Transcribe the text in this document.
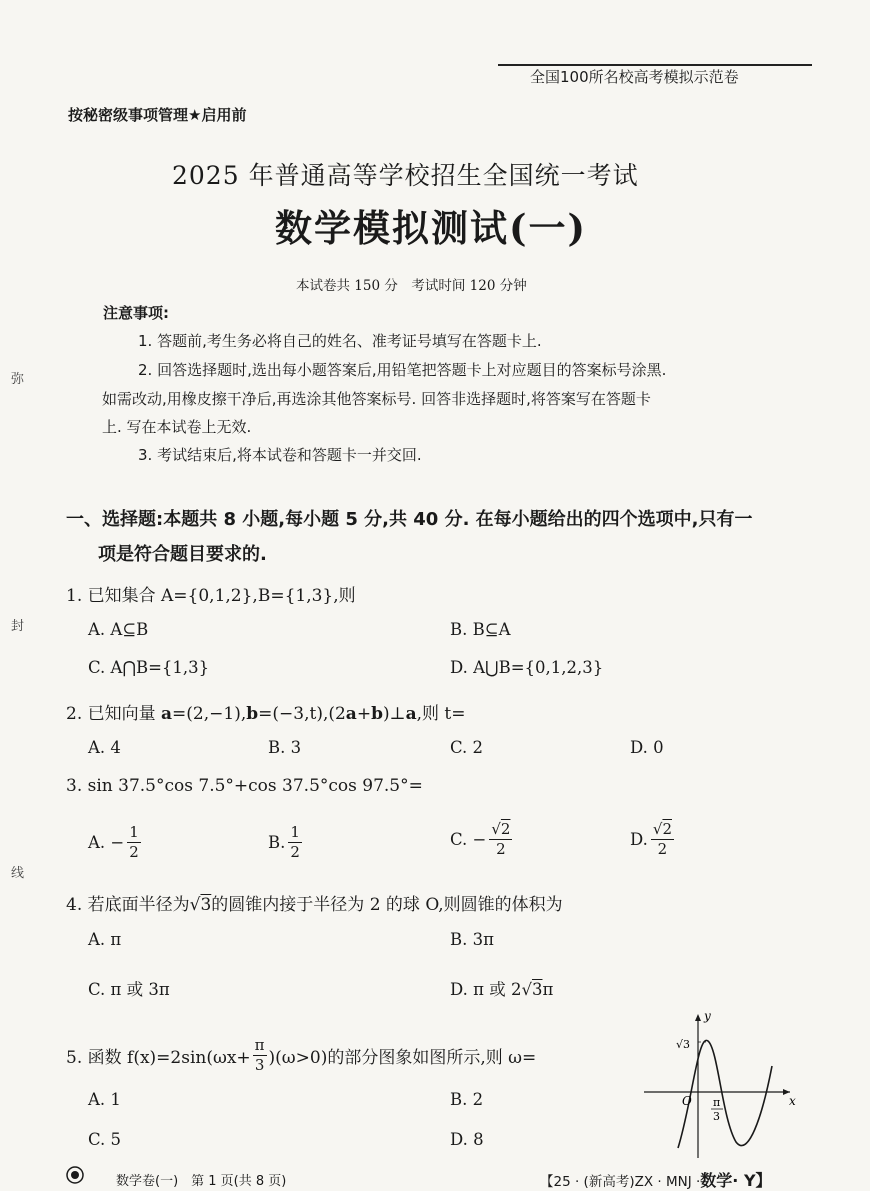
全国100所名校高考模拟示范卷
按秘密级事项管理★启用前
2025 年普通高等学校招生全国统一考试
数学模拟测试(一)
本试卷共 150 分　考试时间 120 分钟
注意事项:
1. 答题前,考生务必将自己的姓名、准考证号填写在答题卡上.
2. 回答选择题时,选出每小题答案后,用铅笔把答题卡上对应题目的答案标号涂黑.
如需改动,用橡皮擦干净后,再选涂其他答案标号. 回答非选择题时,将答案写在答题卡
上. 写在本试卷上无效.
3. 考试结束后,将本试卷和答题卡一并交回.
弥
封
线
一、选择题:本题共 8 小题,每小题 5 分,共 40 分. 在每小题给出的四个选项中,只有一
项是符合题目要求的.
1. 已知集合 A={0,1,2},B={1,3},则
A. A⊆B	B. B⊆A
C. A⋂B={1,3}	D. A⋃B={0,1,2,3}
2. 已知向量 a=(2,−1),b=(−3,t),(2a+b)⊥a,则 t=
A. 4	B. 3	C. 2	D. 0
3. sin 37.5°cos 7.5°+cos 37.5°cos 97.5°=
A. − $\frac{1}{2}$	B. $\frac{1}{2}$	C. − $\frac{√2}{2}$	D. $\frac{√2}{2}$
4. 若底面半径为√3的圆锥内接于半径为 2 的球 O,则圆锥的体积为
A. π	B. 3π
C. π 或 3π	D. π 或 2√3π
5. 函数 $f(x)=2\sin(\omega x+ \frac{\pi}{3} )(\omega>0)$的部分图象如图所示,则 ω=
A. 1	B. 2
C. 5	D. 8
y
x
O
√3
π
3
数学卷(一)　第 1 页(共 8 页)	【25 · (新高考)ZX · MNJ ·数学· Y】
